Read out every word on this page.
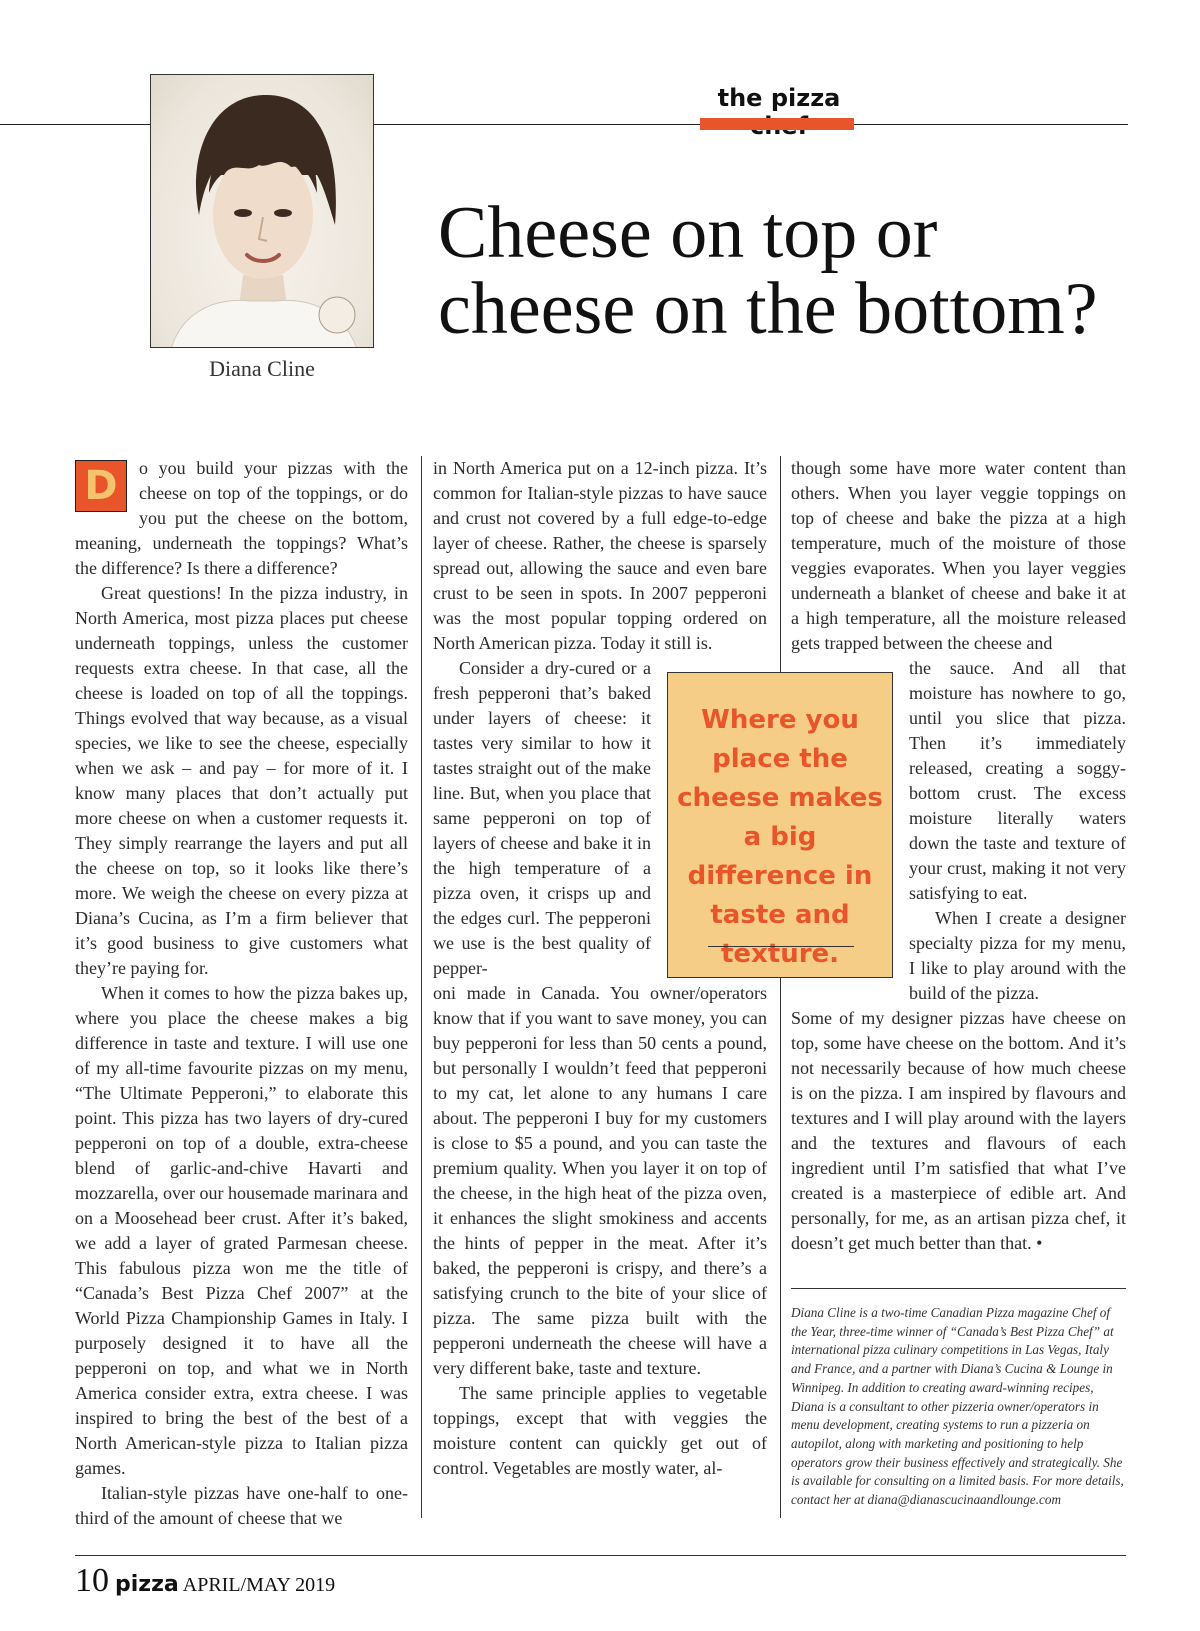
the pizza
Diana Cline
Cheese on top or
cheese on the bottom?

D	o you build your pizzas with the cheese on top of the toppings, or do you put the cheese on the bottom, meaning, underneath the toppings? What’s the difference? Is there a difference?

Great questions! In the pizza industry, in North America, most pizza places put cheese underneath toppings, unless the customer requests extra cheese. In that case, all the cheese is loaded on top of all the toppings. Things evolved that way because, as a visual species, we like to see the cheese, especially when we ask – and pay – for more of it. I know many places that don’t actually put more cheese on when a customer requests it. They simply rearrange the layers and put all the cheese on top, so it looks like there’s more. We weigh the cheese on every pizza at Diana’s Cucina, as I’m a firm believer that it’s good business to give customers what they’re paying for.

When it comes to how the pizza bakes up, where you place the cheese makes a big difference in taste and texture. I will use one of my all-time favourite pizzas on my menu, “The Ultimate Pepperoni,” to elaborate this point. This pizza has two layers of dry-cured pepperoni on top of a double, extra-cheese blend of garlic-and-chive Havarti and mozzarella, over our housemade marinara and on a Moosehead beer crust. After it’s baked, we add a layer of grated Parmesan cheese. This fabulous pizza won me the title of “Canada’s Best Pizza Chef 2007” at the World Pizza Championship Games in Italy. I purposely designed it to have all the pepperoni on top, and what we in North America consider extra, extra cheese. I was inspired to bring the best of the best of a North American-style pizza to Italian pizza games.

Italian-style pizzas have one-half to one-third of the amount of cheese that we

in North America put on a 12-inch pizza. It’s common for Italian-style pizzas to have sauce and crust not covered by a full edge-to-edge layer of cheese. Rather, the cheese is sparsely spread out, allowing the sauce and even bare crust to be seen in spots. In 2007 pepperoni was the most popular topping ordered on North American pizza. Today it still is.

Consider a dry-cured or a fresh pepperoni that’s baked under layers of cheese: it tastes very similar to how it tastes straight out of the make line. But, when you place that same pepperoni on top of layers of cheese and bake it in the high temperature of a pizza oven, it crisps up and the edges curl. The pepperoni we use is the best quality of pepper-

oni made in Canada. You owner/operators know that if you want to save money, you can buy pepperoni for less than 50 cents a pound, but personally I wouldn’t feed that pepperoni to my cat, let alone to any humans I care about. The pepperoni I buy for my customers is close to $5 a pound, and you can taste the premium quality. When you layer it on top of the cheese, in the high heat of the pizza oven, it enhances the slight smokiness and accents the hints of pepper in the meat. After it’s baked, the pepperoni is crispy, and there’s a satisfying crunch to the bite of your slice of pizza. The same pizza built with the pepperoni underneath the cheese will have a very different bake, taste and texture.

The same principle applies to vegetable toppings, except that with veggies the moisture content can quickly get out of control. Vegetables are mostly water, al-

though some have more water content than others. When you layer veggie toppings on top of cheese and bake the pizza at a high temperature, much of the moisture of those veggies evaporates. When you layer veggies underneath a blanket of cheese and bake it at a high temperature, all the moisture released gets trapped between the cheese and

the sauce. And all that moisture has nowhere to go, until you slice that pizza. Then it’s immediately released, creating a soggy-bottom crust. The excess moisture literally waters down the taste and texture of your crust, making it not very satisfying to eat.

When I create a designer specialty pizza for my menu, I like to play around with the build of the pizza.

Some of my designer pizzas have cheese on top, some have cheese on the bottom. And it’s not necessarily because of how much cheese is on the pizza. I am inspired by flavours and textures and I will play around with the layers and the textures and flavours of each ingredient until I’m satisfied that what I’ve created is a masterpiece of edible art. And personally, for me, as an artisan pizza chef, it doesn’t get much better than that. •

Where you place the cheese makes a big difference in taste and texture.
Diana Cline is a two-time Canadian Pizza magazine Chef of the Year, three-time winner of “Canada’s Best Pizza Chef” at international pizza culinary competitions in Las Vegas, Italy and France, and a partner with Diana’s Cucina & Lounge in Winnipeg. In addition to creating award-winning recipes, Diana is a consultant to other pizzeria owner/operators in menu development, creating systems to run a pizzeria on autopilot, along with marketing and positioning to help operators grow their business effectively and strategically. She is available for consulting on a limited basis. For more details, contact her at diana@dianascucinaandlounge.com
10 pizza APRIL/MAY 2019
